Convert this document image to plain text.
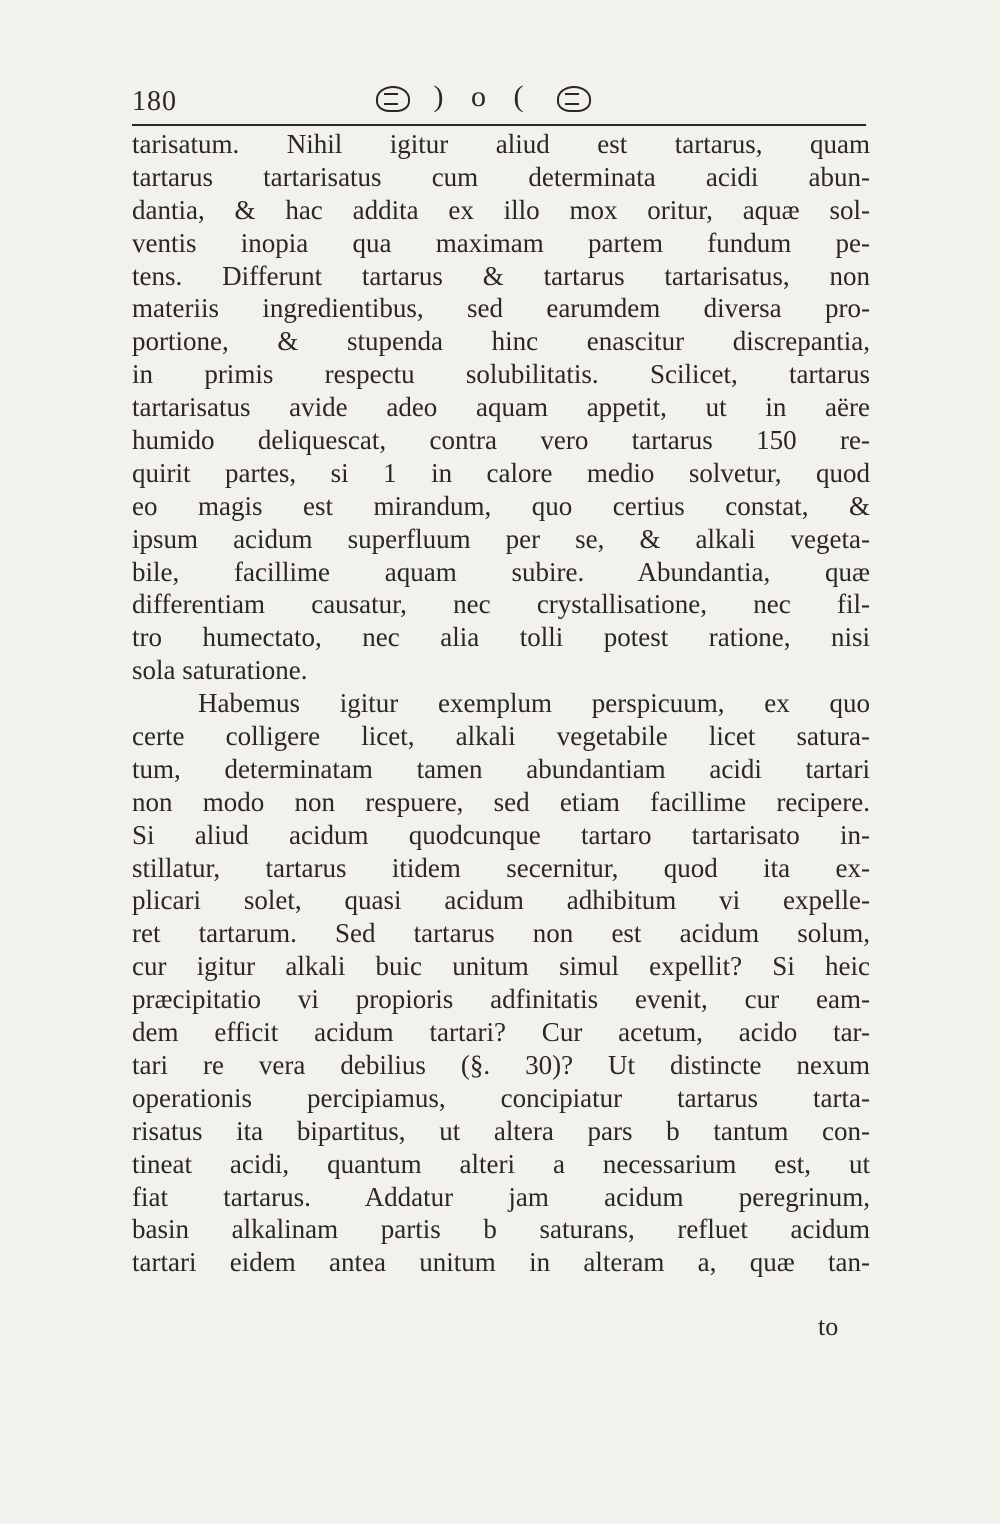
180	) o (
tarisatum. Nihil igitur aliud est tartarus, quam
tartarus tartarisatus cum determinata acidi abun-
dantia, & hac addita ex illo mox oritur, aquæ sol-
ventis inopia qua maximam partem fundum pe-
tens. Differunt tartarus & tartarus tartarisatus, non
materiis ingredientibus, sed earumdem diversa pro-
portione, & stupenda hinc enascitur discrepantia,
in primis respectu solubilitatis. Scilicet, tartarus
tartarisatus avide adeo aquam appetit, ut in aëre
humido deliquescat, contra vero tartarus 150 re-
quirit partes, si 1 in calore medio solvetur, quod
eo magis est mirandum, quo certius constat, &
ipsum acidum superfluum per se, & alkali vegeta-
bile, facillime aquam subire. Abundantia, quæ
differentiam causatur, nec crystallisatione, nec fil-
tro humectato, nec alia tolli potest ratione, nisi
sola saturatione.
Habemus igitur exemplum perspicuum, ex quo
certe colligere licet, alkali vegetabile licet satura-
tum, determinatam tamen abundantiam acidi tartari
non modo non respuere, sed etiam facillime recipere.
Si aliud acidum quodcunque tartaro tartarisato in-
stillatur, tartarus itidem secernitur, quod ita ex-
plicari solet, quasi acidum adhibitum vi expelle-
ret tartarum. Sed tartarus non est acidum solum,
cur igitur alkali buic unitum simul expellit? Si heic
præcipitatio vi propioris adfinitatis evenit, cur eam-
dem efficit acidum tartari? Cur acetum, acido tar-
tari re vera debilius (§. 30)? Ut distincte nexum
operationis percipiamus, concipiatur tartarus tarta-
risatus ita bipartitus, ut altera pars b tantum con-
tineat acidi, quantum alteri a necessarium est, ut
fiat tartarus. Addatur jam acidum peregrinum,
basin alkalinam partis b saturans, refluet acidum
tartari eidem antea unitum in alteram a, quæ tan-
to
